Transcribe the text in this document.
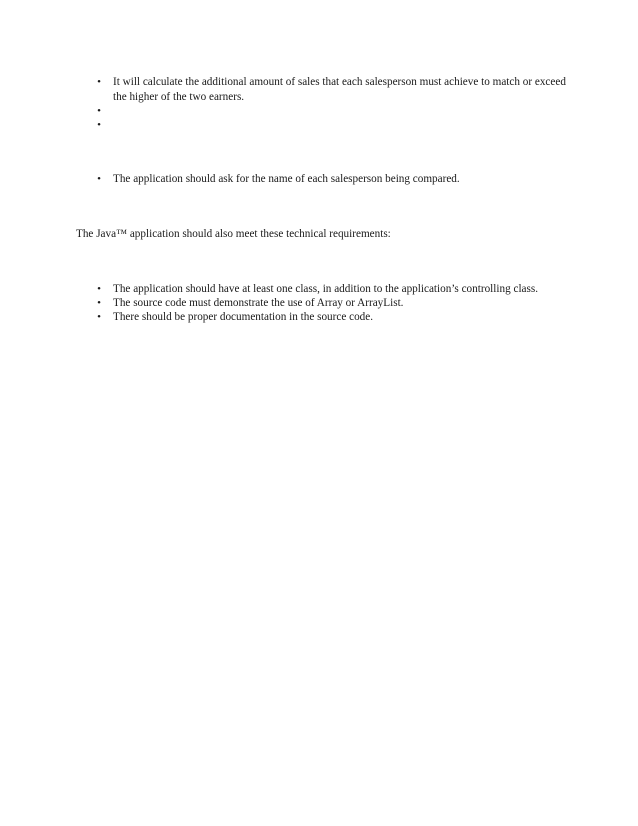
•	It will calculate the additional amount of sales that each salesperson must achieve to match or exceed the higher of the two earners.
•
•
•	The application should ask for the name of each salesperson being compared.
The Java™ application should also meet these technical requirements:
•	The application should have at least one class, in addition to the application’s controlling class.
•	The source code must demonstrate the use of Array or ArrayList.
•	There should be proper documentation in the source code.
